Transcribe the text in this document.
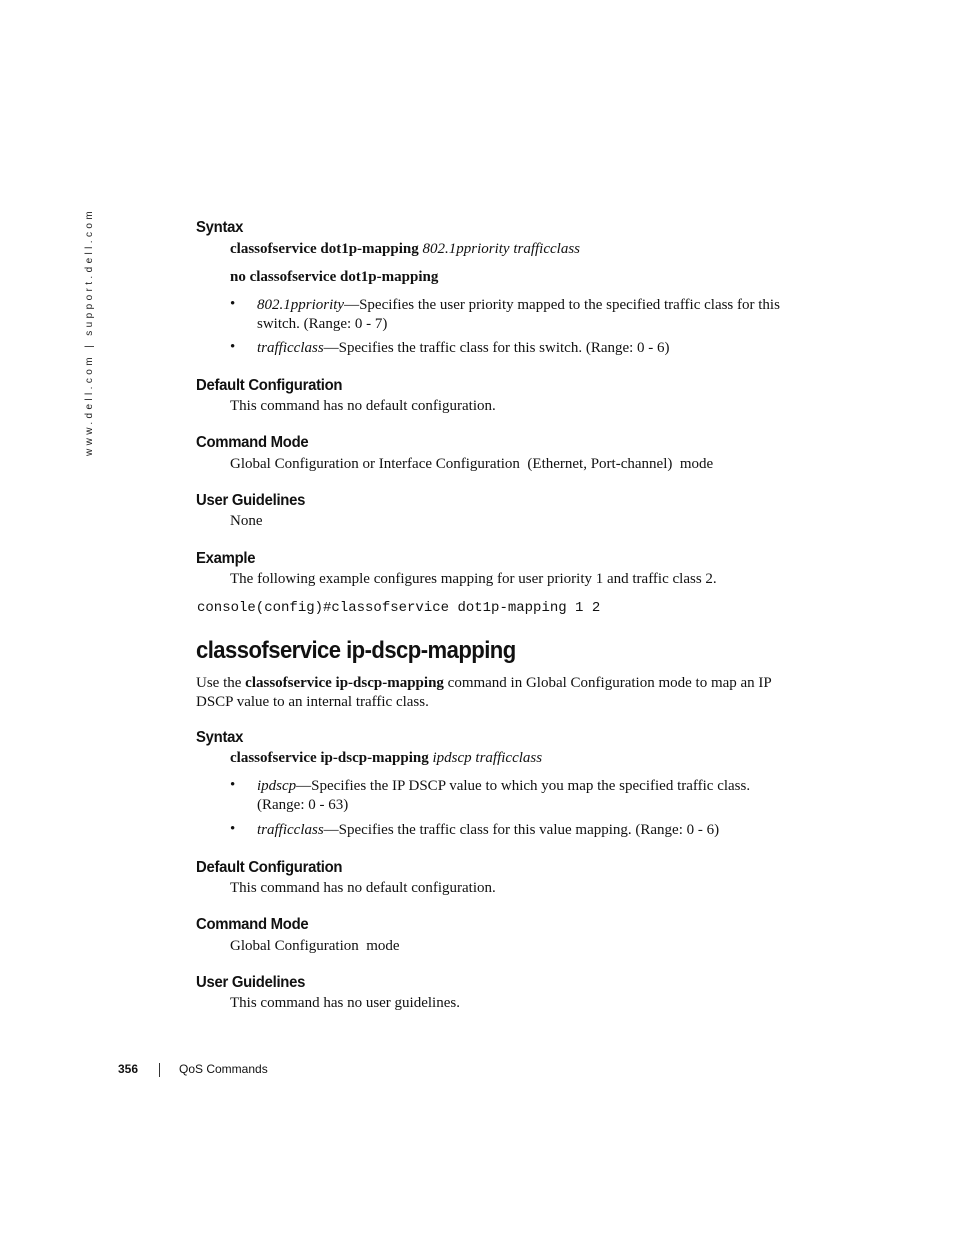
www.dell.com | support.dell.com	Syntax
classofservice dot1p-mapping 802.1ppriority trafficclass
no classofservice dot1p-mapping
• 802.1ppriority—Specifies the user priority mapped to the specified traffic class for this switch. (Range: 0 - 7)
• trafficclass—Specifies the traffic class for this switch. (Range: 0 - 6)
Default Configuration
This command has no default configuration.
Command Mode
Global Configuration or Interface Configuration  (Ethernet, Port-channel)  mode
User Guidelines
None
Example
The following example configures mapping for user priority 1 and traffic class 2.
console(config)#classofservice dot1p-mapping 1 2
classofservice ip-dscp-mapping
Use the classofservice ip-dscp-mapping command in Global Configuration mode to map an IP DSCP value to an internal traffic class.
Syntax
classofservice ip-dscp-mapping ipdscp trafficclass
• ipdscp—Specifies the IP DSCP value to which you map the specified traffic class. (Range: 0 - 63)
• trafficclass—Specifies the traffic class for this value mapping. (Range: 0 - 6)
Default Configuration
This command has no default configuration.
Command Mode
Global Configuration  mode
User Guidelines
This command has no user guidelines.
356	QoS Commands
